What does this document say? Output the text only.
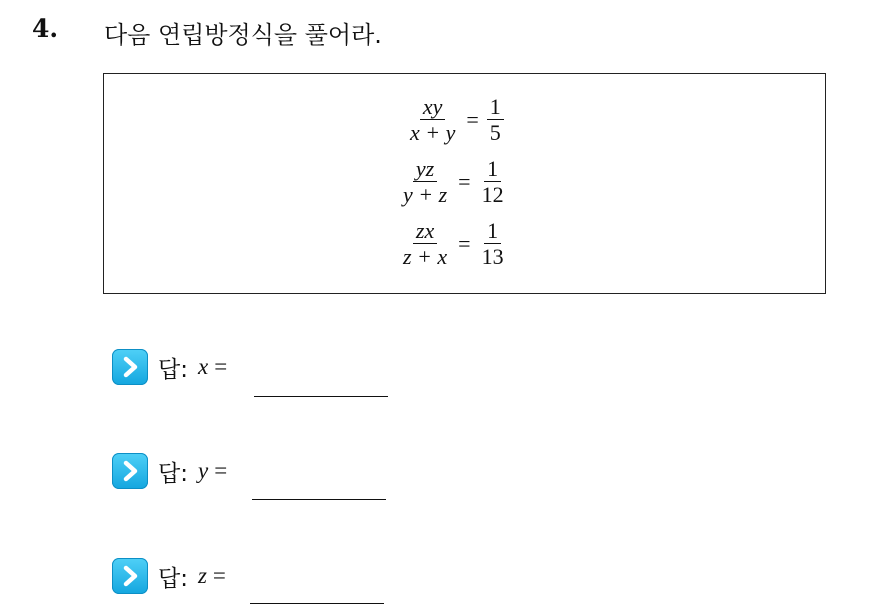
4. 다음 연립방정식을 풀어라.
$\frac{xy}{x + y} = \frac{1}{5}$
$\frac{yz}{y + z} = \frac{1}{12}$
$\frac{zx}{z + x} = \frac{1}{13}$
답: x =
답: y =
답: z =
